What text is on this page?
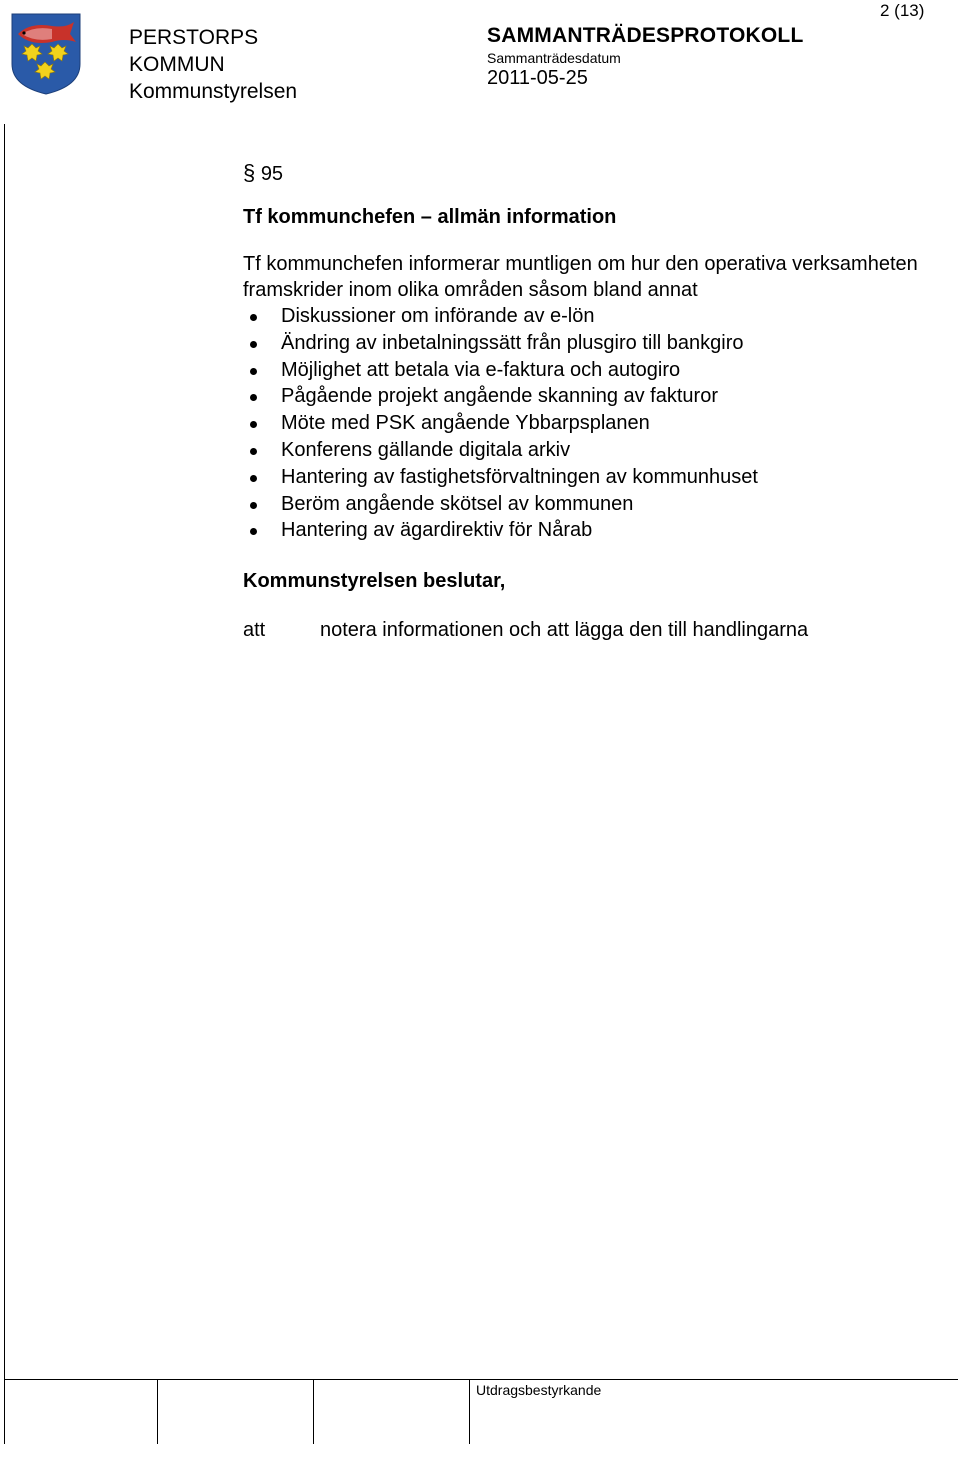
PERSTORPS
KOMMUN
Kommunstyrelsen
SAMMANTRÄDESPROTOKOLL
Sammanträdesdatum
2011-05-25
2 (13)

§ 95

Tf kommunchefen – allmän information
Tf kommunchefen informerar muntligen om hur den operativa verksamheten framskrider inom olika områden såsom bland annat
Diskussioner om införande av e-lön
Ändring av inbetalningssätt från plusgiro till bankgiro
Möjlighet att betala via e-faktura och autogiro
Pågående projekt angående skanning av fakturor
Möte med PSK angående Ybbarpsplanen
Konferens gällande digitala arkiv
Hantering av fastighetsförvaltningen av kommunhuset
Beröm angående skötsel av kommunen
Hantering av ägardirektiv för Nårab
Kommunstyrelsen beslutar,
att	notera informationen och att lägga den till handlingarna
Utdragsbestyrkande
